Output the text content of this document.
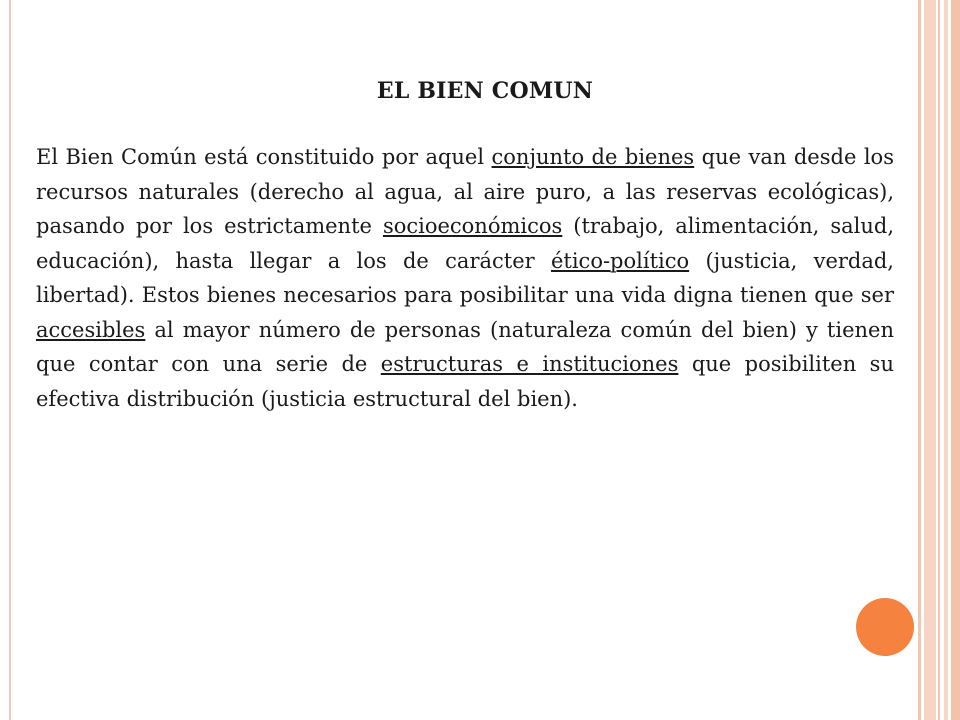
EL BIEN COMUN

El Bien Común está constituido por aquel conjunto de bienes que van desde los recursos naturales (derecho al agua, al aire puro, a las reservas ecológicas), pasando por los estrictamente socioeconómicos (trabajo, alimentación, salud, educación), hasta llegar a los de carácter ético-político (justicia, verdad, libertad). Estos bienes necesarios para posibilitar una vida digna tienen que ser accesibles al mayor número de personas (naturaleza común del bien) y tienen que contar con una serie de estructuras e instituciones que posibiliten su efectiva distribución (justicia estructural del bien).
